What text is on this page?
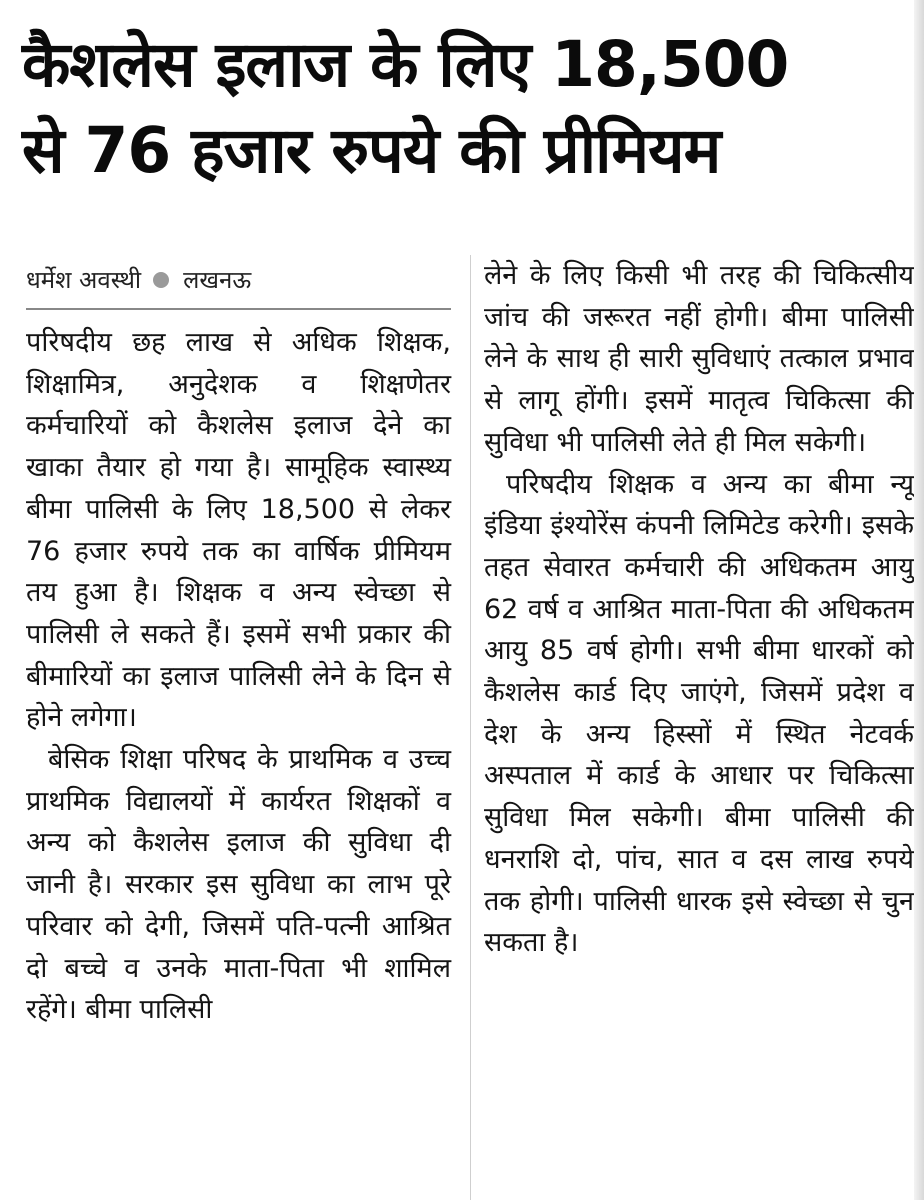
कैशलेस इलाज के लिए 18,500
से 76 हजार रुपये की प्रीमियम
धर्मेश अवस्थी लखनऊ

परिषदीय छह लाख से अधिक शिक्षक, शिक्षामित्र, अनुदेशक व शिक्षणेतर कर्मचारियों को कैशलेस इलाज देने का खाका तैयार हो गया है। सामूहिक स्वास्थ्य बीमा पालिसी के लिए 18,500 से लेकर 76 हजार रुपये तक का वार्षिक प्रीमियम तय हुआ है। शिक्षक व अन्य स्वेच्छा से पालिसी ले सकते हैं। इसमें सभी प्रकार की बीमारियों का इलाज पालिसी लेने के दिन से होने लगेगा।

बेसिक शिक्षा परिषद के प्राथमिक व उच्च प्राथमिक विद्यालयों में कार्यरत शिक्षकों व अन्य को कैशलेस इलाज की सुविधा दी जानी है। सरकार इस सुविधा का लाभ पूरे परिवार को देगी, जिसमें पति-पत्नी आश्रित दो बच्चे व उनके माता-पिता भी शामिल रहेंगे। बीमा पालिसी

लेने के लिए किसी भी तरह की चिकित्सीय जांच की जरूरत नहीं होगी। बीमा पालिसी लेने के साथ ही सारी सुविधाएं तत्काल प्रभाव से लागू होंगी। इसमें मातृत्व चिकित्सा की सुविधा भी पालिसी लेते ही मिल सकेगी।

परिषदीय शिक्षक व अन्य का बीमा न्यू इंडिया इंश्योरेंस कंपनी लिमिटेड करेगी। इसके तहत सेवारत कर्मचारी की अधिकतम आयु 62 वर्ष व आश्रित माता-पिता की अधिकतम आयु 85 वर्ष होगी। सभी बीमा धारकों को कैशलेस कार्ड दिए जाएंगे, जिसमें प्रदेश व देश के अन्य हिस्सों में स्थित नेटवर्क अस्पताल में कार्ड के आधार पर चिकित्सा सुविधा मिल सकेगी। बीमा पालिसी की धनराशि दो, पांच, सात व दस लाख रुपये तक होगी। पालिसी धारक इसे स्वेच्छा से चुन सकता है।
